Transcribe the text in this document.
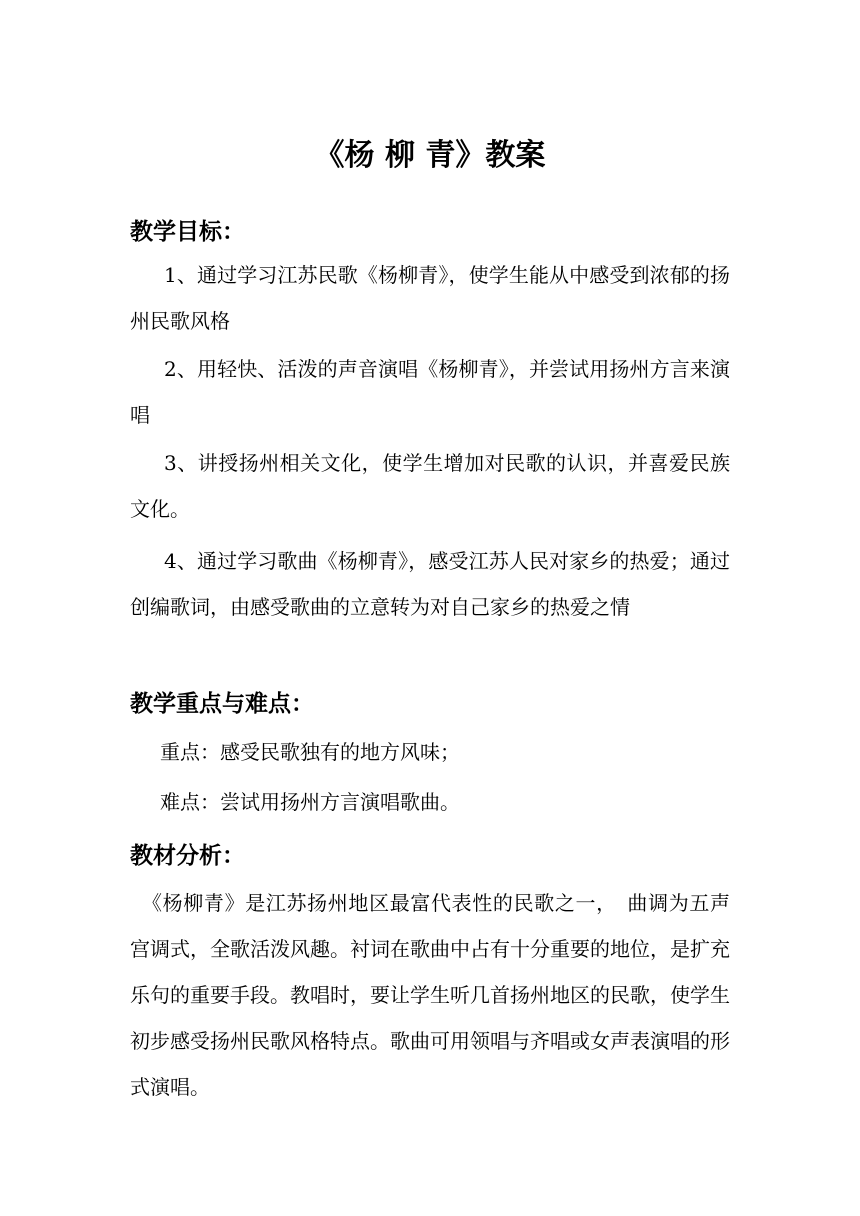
《杨 柳 青》教案
教学目标：

1、通过学习江苏民歌《杨柳青》，使学生能从中感受到浓郁的扬州民歌风格

2、用轻快、活泼的声音演唱《杨柳青》，并尝试用扬州方言来演唱

3、讲授扬州相关文化，使学生增加对民歌的认识，并喜爱民族文化。

4、通过学习歌曲《杨柳青》，感受江苏人民对家乡的热爱；通过创编歌词，由感受歌曲的立意转为对自己家乡的热爱之情

教学重点与难点：

重点：感受民歌独有的地方风味；

难点：尝试用扬州方言演唱歌曲。

教材分析：

《杨柳青》是江苏扬州地区最富代表性的民歌之一，　曲调为五声宫调式，全歌活泼风趣。衬词在歌曲中占有十分重要的地位，是扩充乐句的重要手段。教唱时，要让学生听几首扬州地区的民歌，使学生初步感受扬州民歌风格特点。歌曲可用领唱与齐唱或女声表演唱的形式演唱。
